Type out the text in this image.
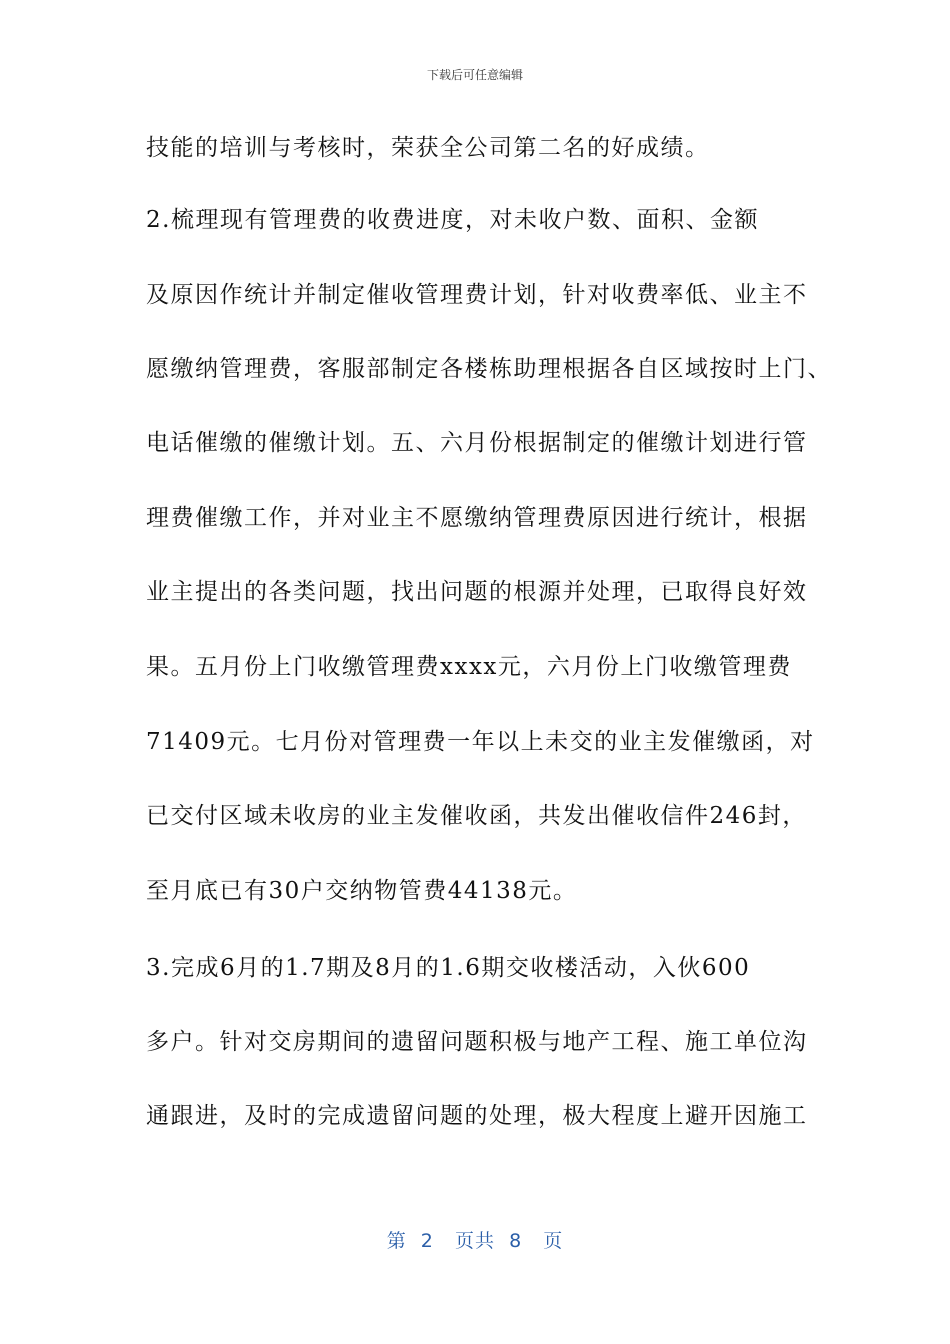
下载后可任意编辑
技能的培训与考核时，荣获全公司第二名的好成绩。
2.梳理现有管理费的收费进度，对未收户数、面积、金额
及原因作统计并制定催收管理费计划，针对收费率低、业主不
愿缴纳管理费，客服部制定各楼栋助理根据各自区域按时上门、
电话催缴的催缴计划。五、六月份根据制定的催缴计划进行管
理费催缴工作，并对业主不愿缴纳管理费原因进行统计，根据
业主提出的各类问题，找出问题的根源并处理，已取得良好效
果。五月份上门收缴管理费xxxx元，六月份上门收缴管理费
71409元。七月份对管理费一年以上未交的业主发催缴函，对
已交付区域未收房的业主发催收函，共发出催收信件246封，
至月底已有30户交纳物管费44138元。
3.完成6月的1.7期及8月的1.6期交收楼活动，入伙600
多户。针对交房期间的遗留问题积极与地产工程、施工单位沟
通跟进，及时的完成遗留问题的处理，极大程度上避开因施工
第  2   页共  8   页
